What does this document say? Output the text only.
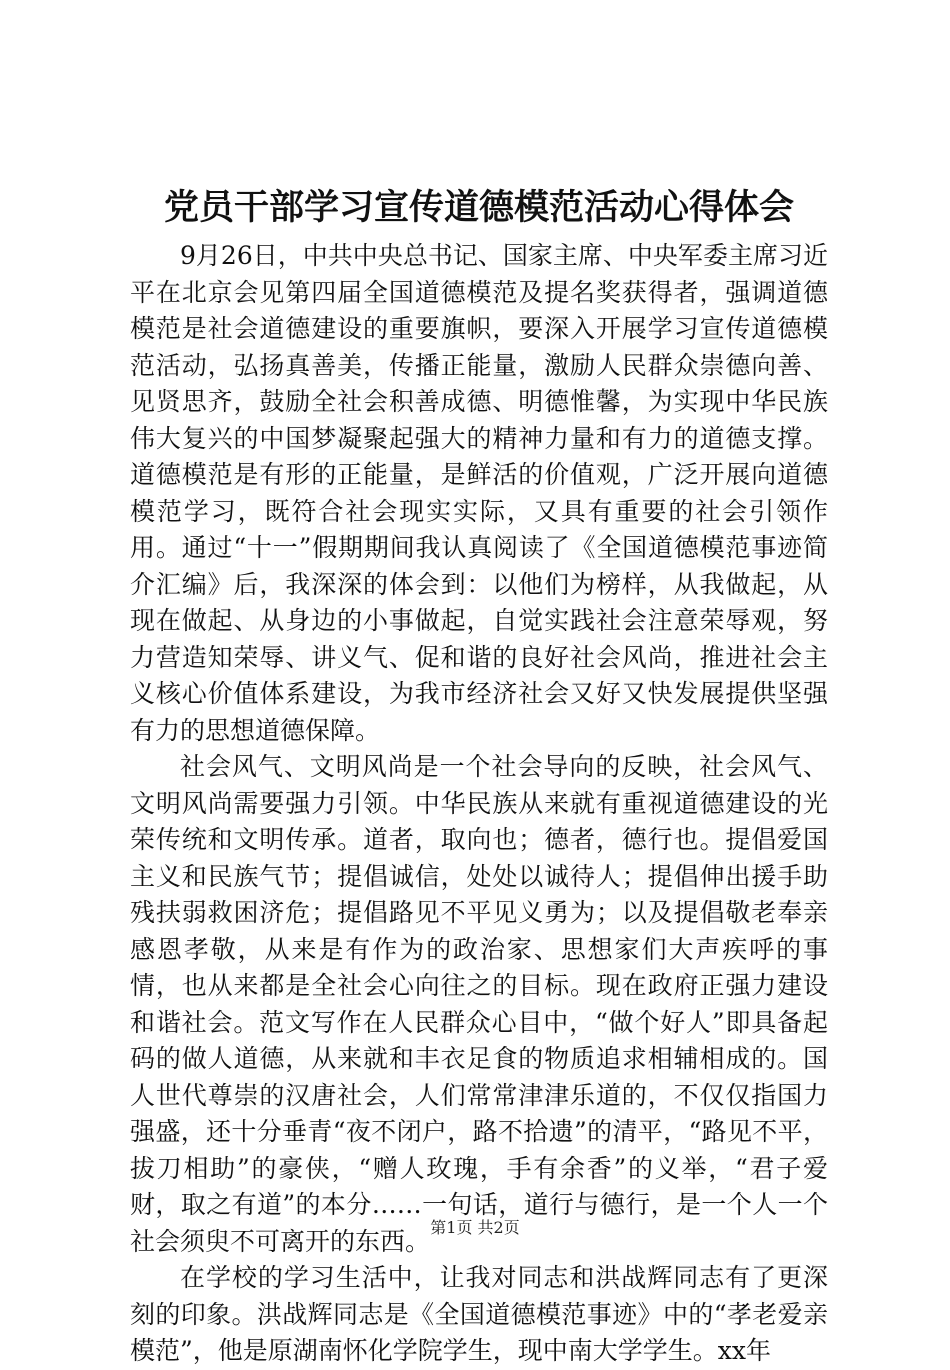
党员干部学习宣传道德模范活动心得体会

9月26日，中共中央总书记、国家主席、中央军委主席习近平在北京会见第四届全国道德模范及提名奖获得者，强调道德模范是社会道德建设的重要旗帜，要深入开展学习宣传道德模范活动，弘扬真善美，传播正能量，激励人民群众崇德向善、见贤思齐，鼓励全社会积善成德、明德惟馨，为实现中华民族伟大复兴的中国梦凝聚起强大的精神力量和有力的道德支撑。道德模范是有形的正能量，是鲜活的价值观，广泛开展向道德模范学习，既符合社会现实实际，又具有重要的社会引领作用。通过“十一”假期期间我认真阅读了《全国道德模范事迹简介汇编》后，我深深的体会到：以他们为榜样，从我做起，从现在做起、从身边的小事做起，自觉实践社会注意荣辱观，努力营造知荣辱、讲义气、促和谐的良好社会风尚，推进社会主义核心价值体系建设，为我市经济社会又好又快发展提供坚强有力的思想道德保障。

社会风气、文明风尚是一个社会导向的反映，社会风气、文明风尚需要强力引领。中华民族从来就有重视道德建设的光荣传统和文明传承。道者，取向也；德者，德行也。提倡爱国主义和民族气节；提倡诚信，处处以诚待人；提倡伸出援手助残扶弱救困济危；提倡路见不平见义勇为；以及提倡敬老奉亲感恩孝敬，从来是有作为的政治家、思想家们大声疾呼的事情，也从来都是全社会心向往之的目标。现在政府正强力建设和谐社会。范文写作在人民群众心目中，“做个好人”即具备起码的做人道德，从来就和丰衣足食的物质追求相辅相成的。国人世代尊崇的汉唐社会，人们常常津津乐道的，不仅仅指国力强盛，还十分垂青“夜不闭户，路不拾遗”的清平，“路见不平，拔刀相助”的豪侠，“赠人玫瑰，手有余香”的义举，“君子爱财，取之有道”的本分……一句话，道行与德行，是一个人一个社会须臾不可离开的东西。

在学校的学习生活中，让我对同志和洪战辉同志有了更深刻的印象。洪战辉同志是《全国道德模范事迹》中的“孝老爱亲模范”，他是原湖南怀化学院学生，现中南大学学生。xx年

第1页 共2页
